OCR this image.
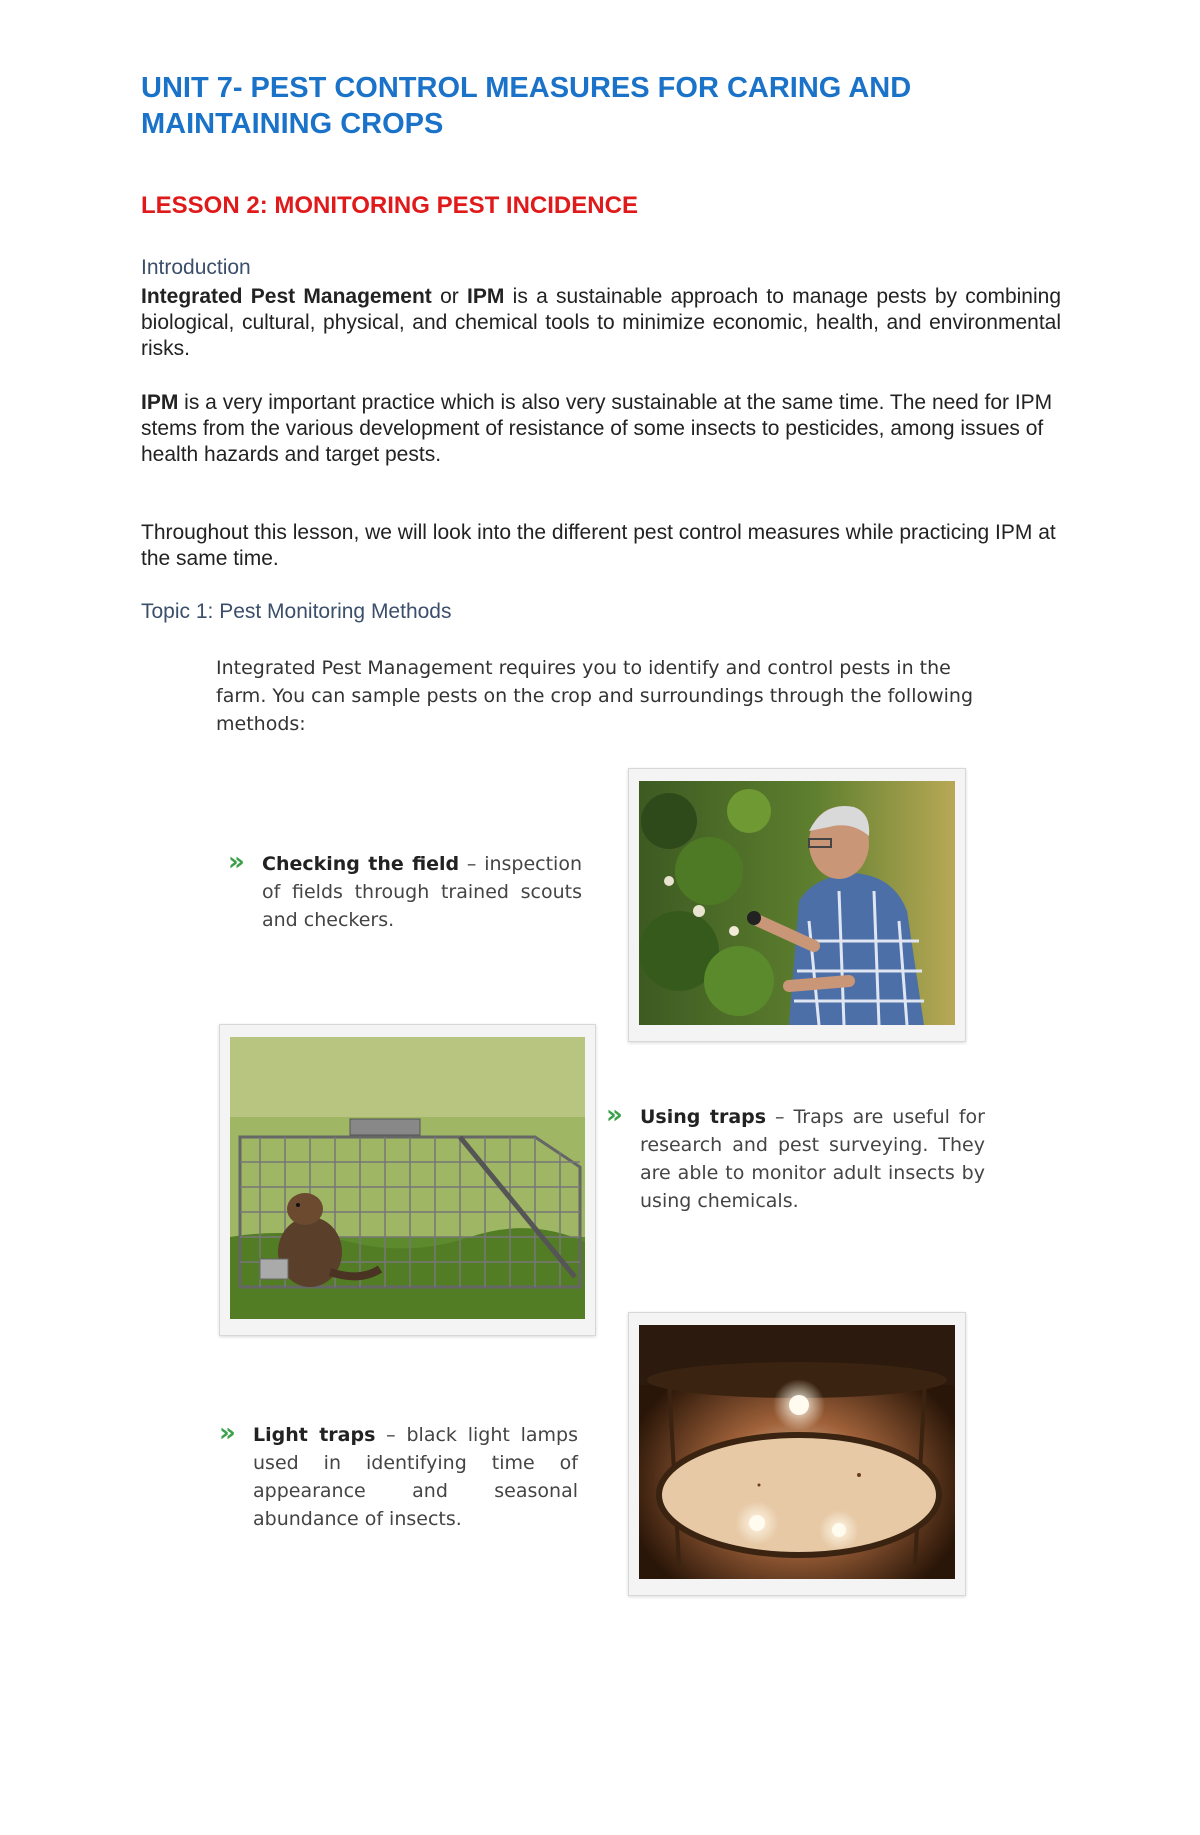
UNIT 7- PEST CONTROL MEASURES FOR CARING AND MAINTAINING CROPS
LESSON 2: MONITORING PEST INCIDENCE
Introduction
Integrated Pest Management or IPM is a sustainable approach to manage pests by combining biological, cultural, physical, and chemical tools to minimize economic, health, and environmental risks.
IPM is a very important practice which is also very sustainable at the same time. The need for IPM stems from the various development of resistance of some insects to pesticides, among issues of health hazards and target pests.
Throughout this lesson, we will look into the different pest control measures while practicing IPM at the same time.
Topic 1: Pest Monitoring Methods
Integrated Pest Management requires you to identify and control pests in the farm. You can sample pests on the crop and surroundings through the following methods:
» Checking the field – inspection of fields through trained scouts and checkers.
» Using traps – Traps are useful for research and pest surveying. They are able to monitor adult insects by using chemicals.
» Light traps – black light lamps used in identifying time of appearance and seasonal abundance of insects.
